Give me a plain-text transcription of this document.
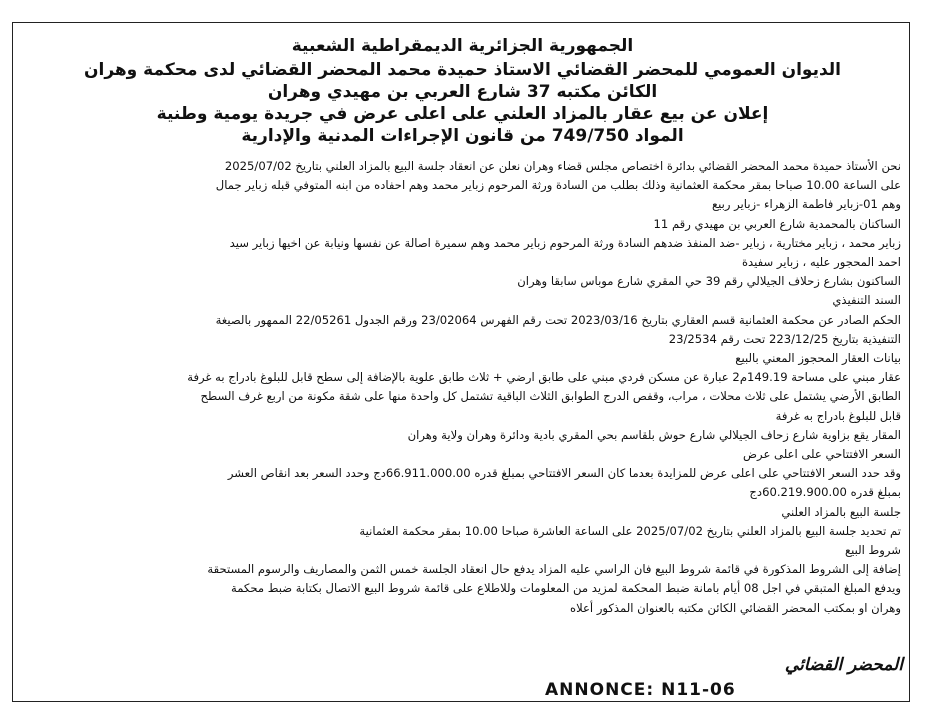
الجمهورية الجزائرية الديمقراطية الشعبية
الديوان العمومي للمحضر القضائي الاستاذ حميدة محمد المحضر القضائي لدى محكمة وهران
الكائن مكتبه 37 شارع العربي بن مهيدي وهران
إعلان عن بيع عقار بالمزاد العلني على اعلى عرض في جريدة يومية وطنية
المواد 749/750 من قانون الإجراءات المدنية والإدارية
نحن الأستاذ حميدة محمد المحضر القضائي بدائرة اختصاص مجلس قضاء وهران نعلن عن انعقاد جلسة البيع بالمزاد العلني بتاريخ 2025/07/02
على الساعة 10.00 صباحا بمقر محكمة العثمانية وذلك بطلب من السادة ورثة المرحوم زباير محمد وهم احفاده من ابنه المتوفي قبله زباير جمال
وهم 01-زباير فاطمة الزهراء -زباير ربيع
الساكنان بالمحمدية شارع العربي بن مهيدي رقم 11
زباير محمد ، زباير مختارية ، زباير -ضد المنفذ ضدهم السادة ورثة المرحوم زباير محمد وهم سميرة اصالة عن نفسها ونيابة عن اخيها زباير سيد
احمد المحجور عليه ، زباير سفيدة
الساكنون بشارع زحلاف الجيلالي رقم 39 حي المقري شارع موباس سابقا وهران
السند التنفيذي
الحكم الصادر عن محكمة العثمانية قسم العقاري بتاريخ 2023/03/16 تحت رقم الفهرس 23/02064 ورقم الجدول 22/05261 الممهور بالصيغة
التنفيذية بتاريخ 223/12/25 تحت رقم 23/2534
بيانات العقار المحجوز المعني بالبيع
عقار مبني على مساحة 149.19م2 عبارة عن مسكن فردي مبني على طابق ارضي + ثلاث طابق علوية بالإضافة إلى سطح قابل للبلوغ بادراج به غرفة
الطابق الأرضي يشتمل على ثلاث محلات ، مراب، وقفص الدرج الطوابق الثلاث الباقية تشتمل كل واحدة منها على شقة مكونة من اربع غرف السطح
قابل للبلوغ بادراج به غرفة
المقار يقع بزاوية شارع زحاف الجيلالي شارع حوش بلقاسم بحي المقري بادية ودائرة وهران ولاية وهران
السعر الافتتاحي على اعلى عرض
وقد حدد السعر الافتتاحي على اعلى عرض للمزايدة بعدما كان السعر الافتتاحي بمبلغ قدره 66.911.000.00دج وحدد السعر بعد انقاص العشر
بمبلغ قدره 60.219.900.00دج
جلسة البيع بالمزاد العلني
تم تحديد جلسة البيع بالمزاد العلني بتاريخ 2025/07/02 على الساعة العاشرة صباحا 10.00 بمقر محكمة العثمانية
شروط البيع
إضافة إلى الشروط المذكورة في قائمة شروط البيع فان الراسي عليه المزاد يدفع حال انعقاد الجلسة خمس الثمن والمصاريف والرسوم المستحقة
ويدفع المبلغ المتبقي في اجل 08 أيام بامانة ضبط المحكمة لمزيد من المعلومات وللاطلاع على قائمة شروط البيع الاتصال بكتابة ضبط محكمة
وهران او بمكتب المحضر القضائي الكائن مكتبه بالعنوان المذكور أعلاه
المحضر القضائي
ANNONCE: N11-06
